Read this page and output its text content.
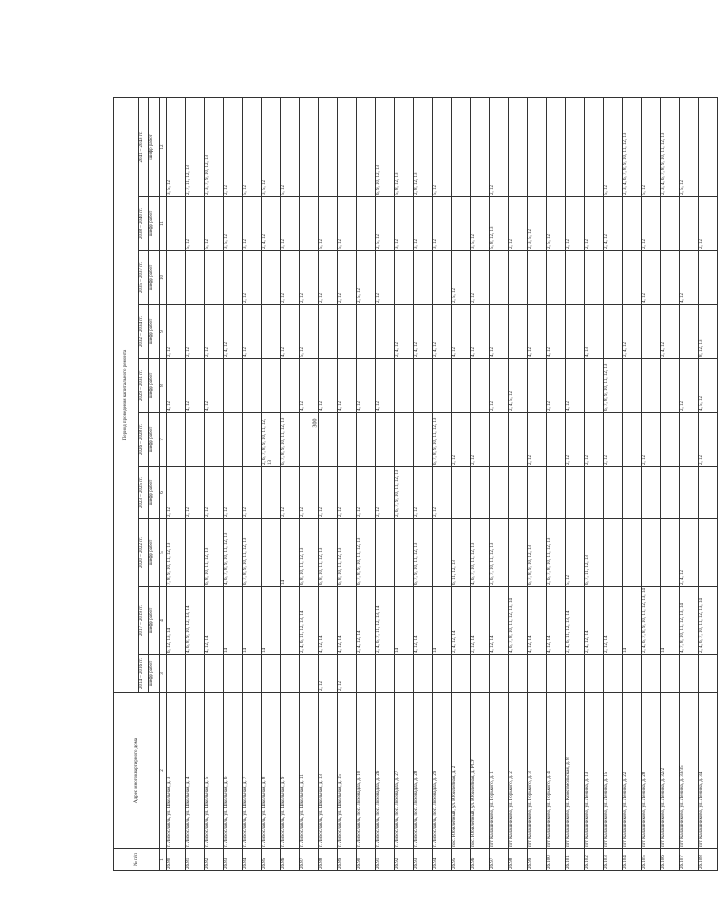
300
№ п/п	Адрес многоквартирного дома	Период проведения капитального ремонта									
		2014 – 2016 гг.	2017 – 2019 гг.	2020 – 2022 гг.	2023 – 2025 гг.	2026 – 2028 гг.	2029 – 2031 гг.	2032 – 2034 гг.	2035 – 2037 гг.	2038 – 2040 гг.	2041 – 2043 гг.
		шифр работ	шифр работ	шифр работ	шифр работ	шифр работ	шифр работ	шифр работ	шифр работ	шифр работ	шифр работ
1	2	3	4	5	6	7	8	9	10	11	12
26.80	г. Лихославль, ул. Школьная, д. 3		6, 12, 13, 14	7, 8, 9, 10, 11, 12, 13	2, 12		4, 12	2, 12			3, 5, 12
26.81	г. Лихославль, ул. Школьная, д. 4		4, 6, 8, 9, 10, 12, 13, 14		2, 12		4, 12	2, 12		5, 12	2, 7, 11, 12, 13
26.82	г. Лихославль, ул. Школьная, д. 5		4, 12, 14	6, 8, 10, 11, 12, 13	2, 12		4, 12	2, 12		5, 12	2, 3, 7, 9, 10, 12, 13
26.83	г. Лихославль, ул. Школьная, д. 6		14	4, 6, 7, 8, 9, 10, 11, 12, 13	2, 12			2, 4, 12		3, 5, 12	2, 12
26.84	г. Лихославль, ул. Школьная, д. 7		14	6, 7, 8, 9, 10, 11, 12, 13	2, 12			4, 12	2, 12	3, 12	5, 12
26.85	г. Лихославль, ул. Школьная, д. 8		14			2, 6, 7, 8, 9, 10, 11, 12, 13				2, 4, 12	3, 5, 12
26.86	г. Лихославль, ул. Школьная, д. 9			14	2, 12	6, 7, 8, 9, 10, 11, 12, 13		4, 12	2, 12	3, 12	5, 12
26.87	г. Лихославль, ул. Школьная, д. 11		2, 4, 6, 11, 12, 13, 14	6, 8, 10, 11, 12, 13	2, 12		4, 12	5, 12	2, 12		
26.88	г. Лихославль, ул. Школьная, д. 13	2, 12	4, 12, 14	6, 8, 10, 11, 12, 13	2, 12		4, 12		2, 12	5, 12	
26.89	г. Лихославль, ул. Школьная, д. 15	2, 12	4, 12, 14	6, 8, 10, 11, 12, 13	2, 12		4, 12		2, 12	5, 12	
26.90	г. Лихославль, пос. Лоховадла, д. 10		2, 4, 12, 14	6, 7, 8, 9, 10, 11, 12, 13	2, 12		4, 12		2, 5, 12		
26.91	г. Лихославль, пос. Лоховадла, д. 26		2, 4, 6, 7, 11, 12, 13, 14		2, 12		4, 12		2, 12	2, 5, 12	6, 9, 10, 12, 13
26.92	г. Лихославль, пос. Лоховадла, д. 27		14		2, 6, 7, 9, 10, 11, 12, 13			2, 4, 12		3, 12	5, 8, 12, 13
26.93	г. Лихославль, пос. Лоховадла, д. 28		4, 12, 14	6, 7, 9, 10, 11, 12, 13	2, 12			2, 4, 12		3, 12	2, 8, 12, 13
26.94	г. Лихославль, пос. Лоховадла, д. 29		14		2, 12	6, 7, 8, 9, 10, 11, 12, 13		2, 4, 12		3, 12	5, 12
26.95	пос. Юбилейный, ул. Юбилейная, д. 2		2, 4, 12, 14	6, 11, 12, 13		2, 12		4, 12	2, 5, 12		
26.96	пос. Юбилейный, ул. Юбилейная, д. РСУ		2, 12, 14	4, 6, 7, 10, 11, 12, 13		2, 12		4, 12	2, 12	3, 5, 12	
26.97	пгт Калашниково, ул. Горького, д. 1		4, 12, 14	2, 6, 7, 10, 11, 12, 13			2, 12	4, 12		5, 8, 12, 13	2, 12
26.98	пгт Калашниково, ул. Горького, д. 2		4, 6, 7, 8, 10, 11, 12, 13, 14				2, 4, 5, 12			2, 12	
26.99	пгт Калашниково, ул. Горького, д. 3		4, 12, 14	6, 7, 8, 9, 10, 12, 13		2, 12		4, 12		2, 3, 5, 12	
26.100	пгт Калашниково, ул. Горького, д. 4		4, 12, 14	2, 6, 7, 8, 10, 11, 12, 13			2, 12	4, 12		2, 5, 12	
26.101	пгт Калашниково, ул. Комсомольская, д. 8		2, 4, 6, 11, 12, 13, 14	5, 12		2, 12	4, 12			2, 12	
26.102	пгт Калашниково, ул. Ленина, д. 13		2, 4, 12, 14	6, 7, 11, 12, 13		2, 12		4, 13		2, 12	
26.103	пгт Калашниково, ул. Ленина, д. 15		2, 12, 14			2, 12	6, 7, 8, 9, 10, 11, 12, 13			2, 4, 12	5, 12
26.104	пгт Калашниково, ул. Ленина, д. 22		14					2, 4, 12			2, 3, 4, 6, 7, 8, 9, 10, 11, 12, 13
26.105	пгт Калашниково, ул. Ленина, д. 28		2, 4, 6, 7, 8, 9, 10, 11, 12, 13, 14			2, 12			4, 12	2, 12	5, 12
26.106	пгт Калашниково, ул. Ленина, д. 32/2		14					2, 4, 12			2, 3, 4, 6, 7, 8, 9, 10, 11, 12, 13
26.107	пгт Калашниково, ул. Ленина, д. 33/35		4, 7, 8, 10, 11, 12, 13, 14	2, 4, 12			2, 12		4, 12		2, 5, 12
26.108	пгт Калашниково, ул. Ленина, д. 34		2, 4, 6, 7, 10, 11, 12, 13, 14			2, 12	4, 5, 12	8, 12, 13		2, 12	
